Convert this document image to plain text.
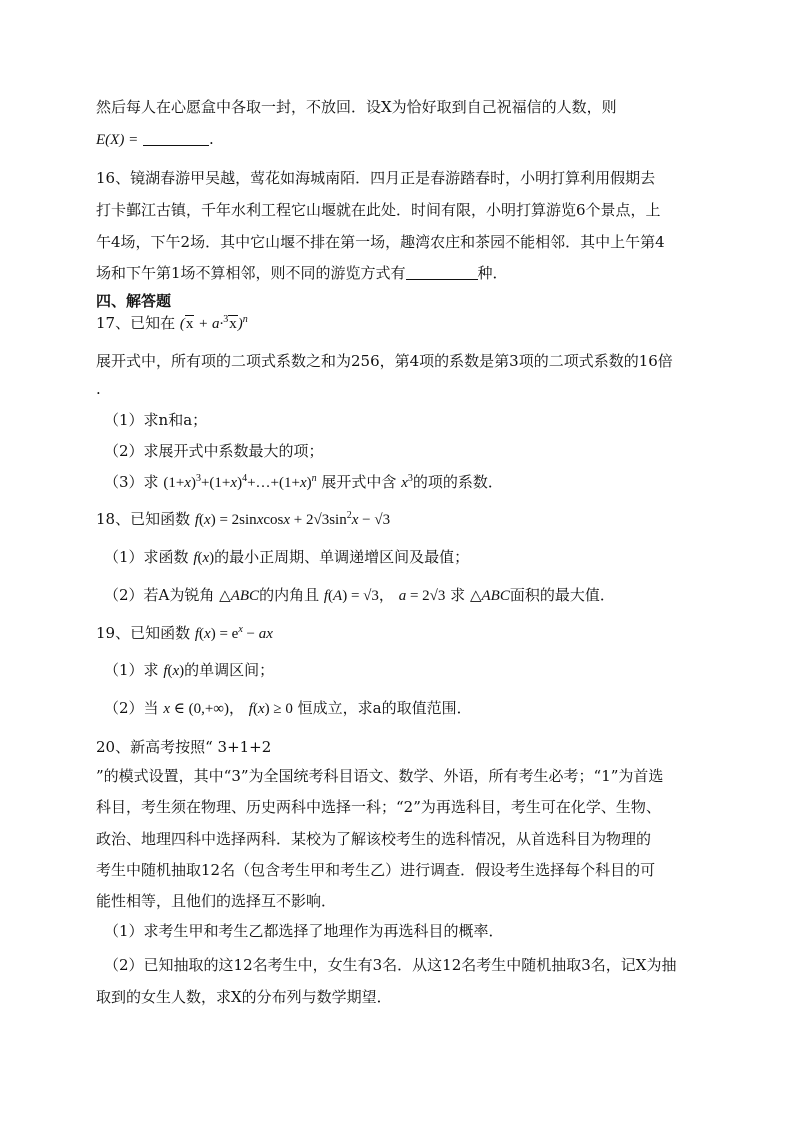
然后每人在心愿盒中各取一封，不放回．设X为恰好取到自己祝福信的人数，则
E(X) =	.
16、镜湖春游甲吴越，莺花如海城南陌．四月正是春游踏春时，小明打算利用假期去
打卡鄞江古镇，千年水利工程它山堰就在此处．时间有限，小明打算游览6个景点，上
午4场，下午2场．其中它山堰不排在第一场，趣湾农庄和茶园不能相邻．其中上午第4
场和下午第1场不算相邻，则不同的游览方式有	种．
四、解答题
17、已知在 $(x + a\cdot^3x)^n$
展开式中，所有项的二项式系数之和为256，第4项的系数是第3项的二项式系数的16倍
.
（1）求n和a；
（2）求展开式中系数最大的项；
（3）求 $(1+x)^3+(1+x)^4+\dots+(1+x)^n$ 展开式中含 $x^3$的项的系数．
18、已知函数 f(x) = 2sinxcosx + $2√3\sin^2x - √3$
（1）求函数 f(x)的最小正周期、单调递增区间及最值；
（2）若A为锐角 △ABC的内角且 f(A) = √3， a = 2√3 求 △ABC面积的最大值．
19、已知函数 $f(x) = e^x$ − ax
（1）求 f(x)的单调区间；
（2）当 x ∈ (0,+∞)， f(x) ≥ 0 恒成立，求a的取值范围．
20、新高考按照“ 3+1+2
”的模式设置，其中“3”为全国统考科目语文、数学、外语，所有考生必考；“1”为首选
科目，考生须在物理、历史两科中选择一科；“2”为再选科目，考生可在化学、生物、
政治、地理四科中选择两科．某校为了解该校考生的选科情况，从首选科目为物理的
考生中随机抽取12名（包含考生甲和考生乙）进行调查．假设考生选择每个科目的可
能性相等，且他们的选择互不影响．
（1）求考生甲和考生乙都选择了地理作为再选科目的概率．
（2）已知抽取的这12名考生中，女生有3名．从这12名考生中随机抽取3名，记X为抽
取到的女生人数，求X的分布列与数学期望．
